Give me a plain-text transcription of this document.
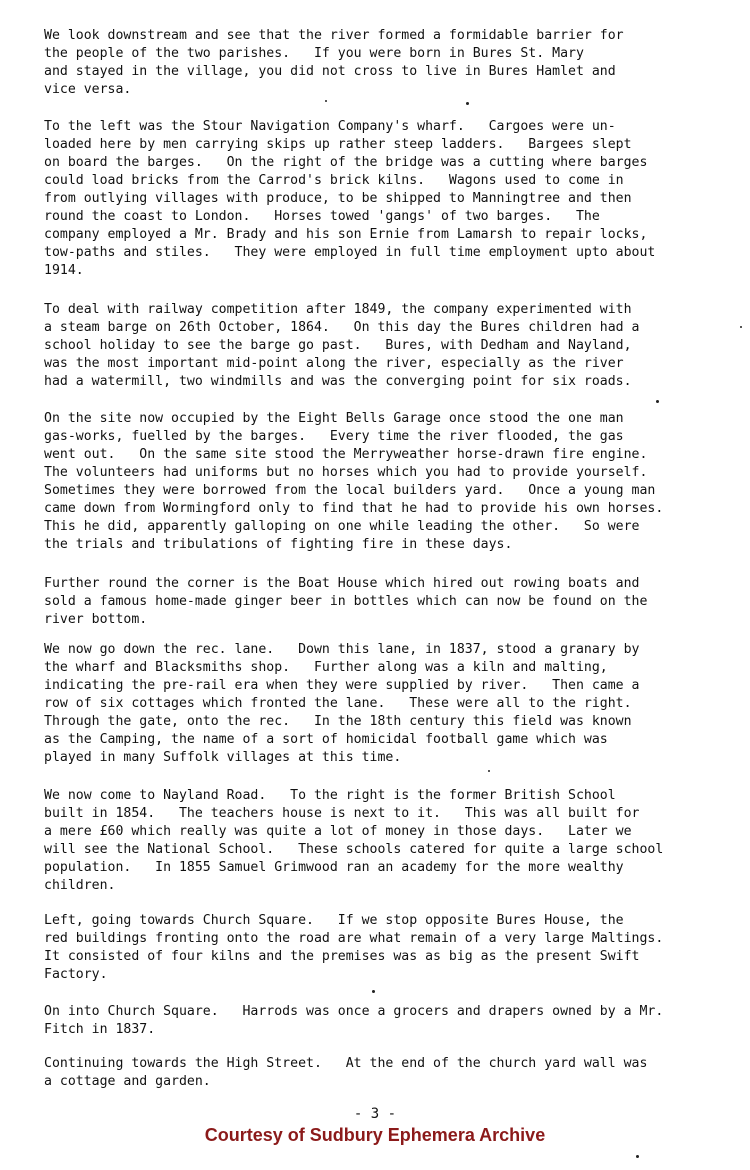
We look downstream and see that the river formed a formidable barrier for
the people of the two parishes.   If you were born in Bures St. Mary
and stayed in the village, you did not cross to live in Bures Hamlet and
vice versa.
To the left was the Stour Navigation Company's wharf.   Cargoes were un-
loaded here by men carrying skips up rather steep ladders.   Bargees slept
on board the barges.   On the right of the bridge was a cutting where barges
could load bricks from the Carrod's brick kilns.   Wagons used to come in
from outlying villages with produce, to be shipped to Manningtree and then
round the coast to London.   Horses towed 'gangs' of two barges.   The
company employed a Mr. Brady and his son Ernie from Lamarsh to repair locks,
tow-paths and stiles.   They were employed in full time employment upto about
1914.
To deal with railway competition after 1849, the company experimented with
a steam barge on 26th October, 1864.   On this day the Bures children had a
school holiday to see the barge go past.   Bures, with Dedham and Nayland,
was the most important mid-point along the river, especially as the river
had a watermill, two windmills and was the converging point for six roads.
On the site now occupied by the Eight Bells Garage once stood the one man
gas-works, fuelled by the barges.   Every time the river flooded, the gas
went out.   On the same site stood the Merryweather horse-drawn fire engine.
The volunteers had uniforms but no horses which you had to provide yourself.
Sometimes they were borrowed from the local builders yard.   Once a young man
came down from Wormingford only to find that he had to provide his own horses.
This he did, apparently galloping on one while leading the other.   So were
the trials and tribulations of fighting fire in these days.
Further round the corner is the Boat House which hired out rowing boats and
sold a famous home-made ginger beer in bottles which can now be found on the
river bottom.
We now go down the rec. lane.   Down this lane, in 1837, stood a granary by
the wharf and Blacksmiths shop.   Further along was a kiln and malting,
indicating the pre-rail era when they were supplied by river.   Then came a
row of six cottages which fronted the lane.   These were all to the right.
Through the gate, onto the rec.   In the 18th century this field was known
as the Camping, the name of a sort of homicidal football game which was
played in many Suffolk villages at this time.
We now come to Nayland Road.   To the right is the former British School
built in 1854.   The teachers house is next to it.   This was all built for
a mere £60 which really was quite a lot of money in those days.   Later we
will see the National School.   These schools catered for quite a large school
population.   In 1855 Samuel Grimwood ran an academy for the more wealthy
children.
Left, going towards Church Square.   If we stop opposite Bures House, the
red buildings fronting onto the road are what remain of a very large Maltings.
It consisted of four kilns and the premises was as big as the present Swift
Factory.
On into Church Square.   Harrods was once a grocers and drapers owned by a Mr.
Fitch in 1837.
Continuing towards the High Street.   At the end of the church yard wall was
a cottage and garden.
- 3 -
Courtesy of Sudbury Ephemera Archive
